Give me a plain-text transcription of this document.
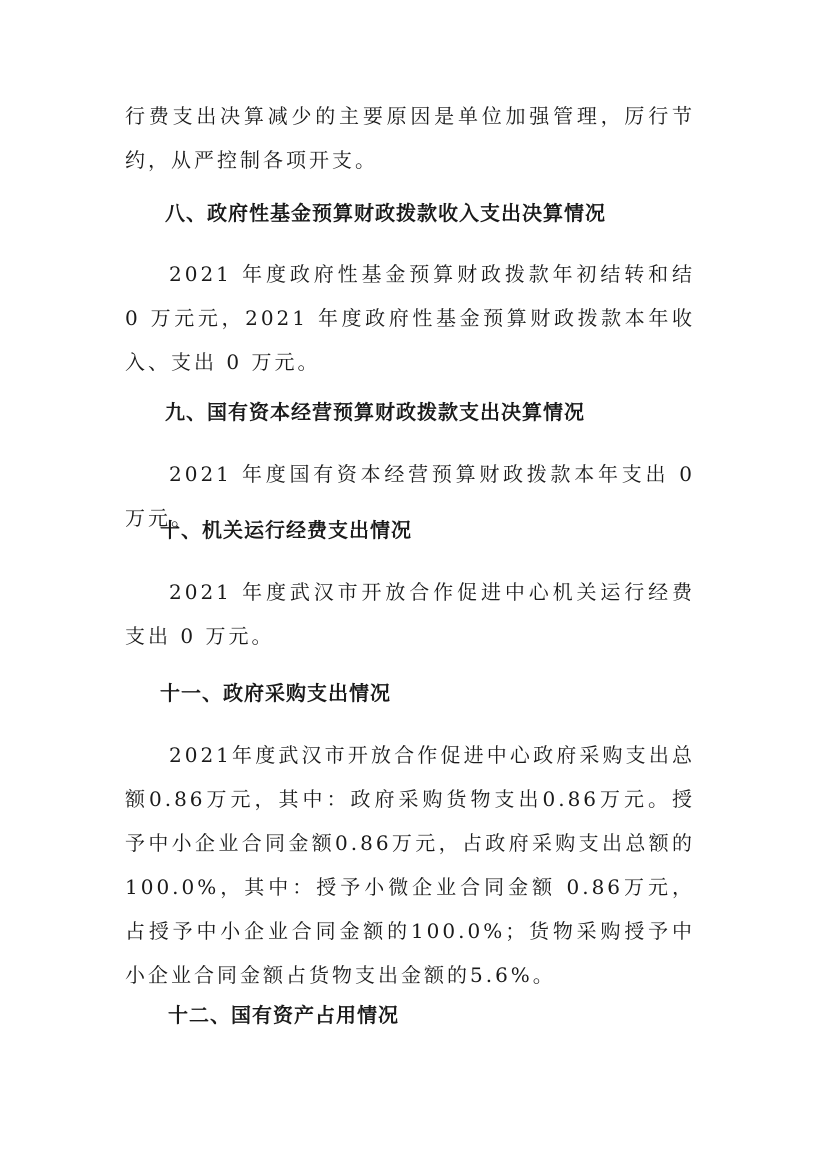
行费支出决算减少的主要原因是单位加强管理，厉行节约，从严控制各项开支。

八、政府性基金预算财政拨款收入支出决算情况

2021 年度政府性基金预算财政拨款年初结转和结 0 万元元，2021 年度政府性基金预算财政拨款本年收入、支出 0 万元。

九、国有资本经营预算财政拨款支出决算情况

2021 年度国有资本经营预算财政拨款本年支出 0 万元。

十、机关运行经费支出情况

2021 年度武汉市开放合作促进中心机关运行经费支出 0 万元。

十一、政府采购支出情况

2021年度武汉市开放合作促进中心政府采购支出总额0.86万元，其中：政府采购货物支出0.86万元。授予中小企业合同金额0.86万元，占政府采购支出总额的100.0%，其中：授予小微企业合同金额 0.86万元，占授予中小企业合同金额的100.0%；货物采购授予中小企业合同金额占货物支出金额的5.6%。

十二、国有资产占用情况
